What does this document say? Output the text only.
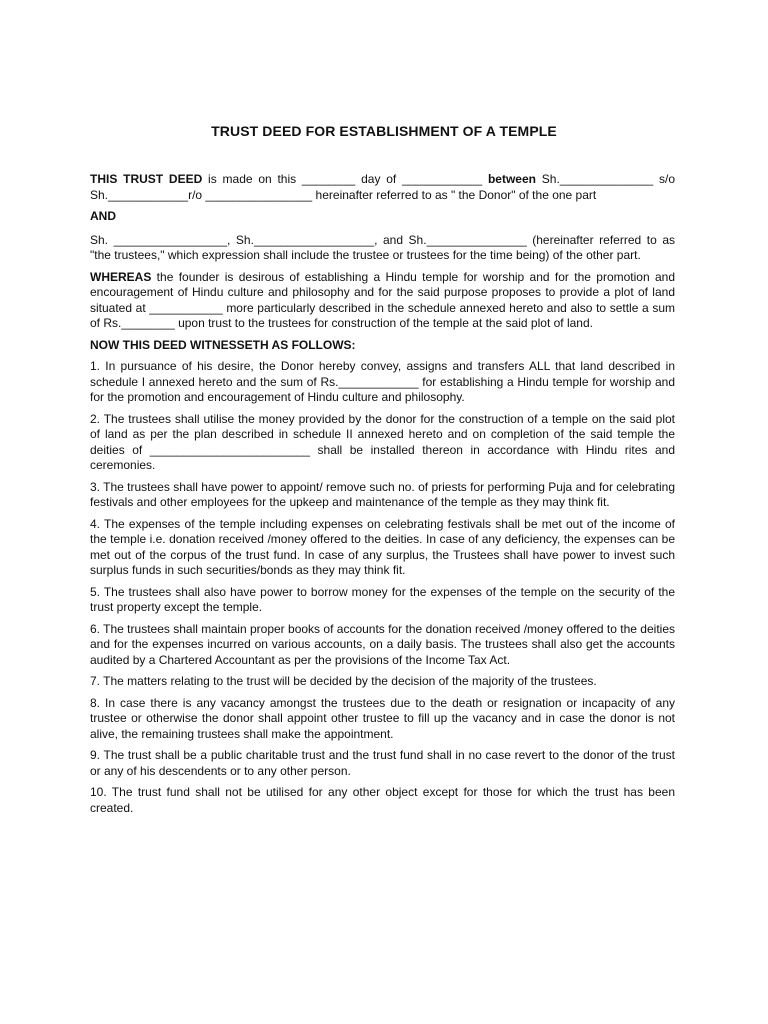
TRUST DEED FOR ESTABLISHMENT OF A TEMPLE

THIS TRUST DEED is made on this ________ day of ____________ between Sh.______________ s/o Sh.____________r/o ________________ hereinafter referred to as " the Donor" of the one part

AND

Sh. _________________, Sh.__________________, and Sh._______________ (hereinafter referred to as "the trustees," which expression shall include the trustee or trustees for the time being) of the other part.

WHEREAS the founder is desirous of establishing a Hindu temple for worship and for the promotion and encouragement of Hindu culture and philosophy and for the said purpose proposes to provide a plot of land situated at ___________ more particularly described in the schedule annexed hereto and also to settle a sum of Rs.________ upon trust to the trustees for construction of the temple at the said plot of land.

NOW THIS DEED WITNESSETH AS FOLLOWS:

1. In pursuance of his desire, the Donor hereby convey, assigns and transfers ALL that land described in schedule I annexed hereto and the sum of Rs.____________ for establishing a Hindu temple for worship and for the promotion and encouragement of Hindu culture and philosophy.

2. The trustees shall utilise the money provided by the donor for the construction of a temple on the said plot of land as per the plan described in schedule II annexed hereto and on completion of the said temple the deities of ________________________ shall be installed thereon in accordance with Hindu rites and ceremonies.

3. The trustees shall have power to appoint/ remove such no. of priests for performing Puja and for celebrating festivals and other employees for the upkeep and maintenance of the temple as they may think fit.

4. The expenses of the temple including expenses on celebrating festivals shall be met out of the income of the temple i.e. donation received /money offered to the deities. In case of any deficiency, the expenses can be met out of the corpus of the trust fund. In case of any surplus, the Trustees shall have power to invest such surplus funds in such securities/bonds as they may think fit.

5. The trustees shall also have power to borrow money for the expenses of the temple on the security of the trust property except the temple.

6. The trustees shall maintain proper books of accounts for the donation received /money offered to the deities and for the expenses incurred on various accounts, on a daily basis. The trustees shall also get the accounts audited by a Chartered Accountant as per the provisions of the Income Tax Act.

7. The matters relating to the trust will be decided by the decision of the majority of the trustees.

8. In case there is any vacancy amongst the trustees due to the death or resignation or incapacity of any trustee or otherwise the donor shall appoint other trustee to fill up the vacancy and in case the donor is not alive, the remaining trustees shall make the appointment.

9. The trust shall be a public charitable trust and the trust fund shall in no case revert to the donor of the trust or any of his descendents or to any other person.

10. The trust fund shall not be utilised for any other object except for those for which the trust has been created.
